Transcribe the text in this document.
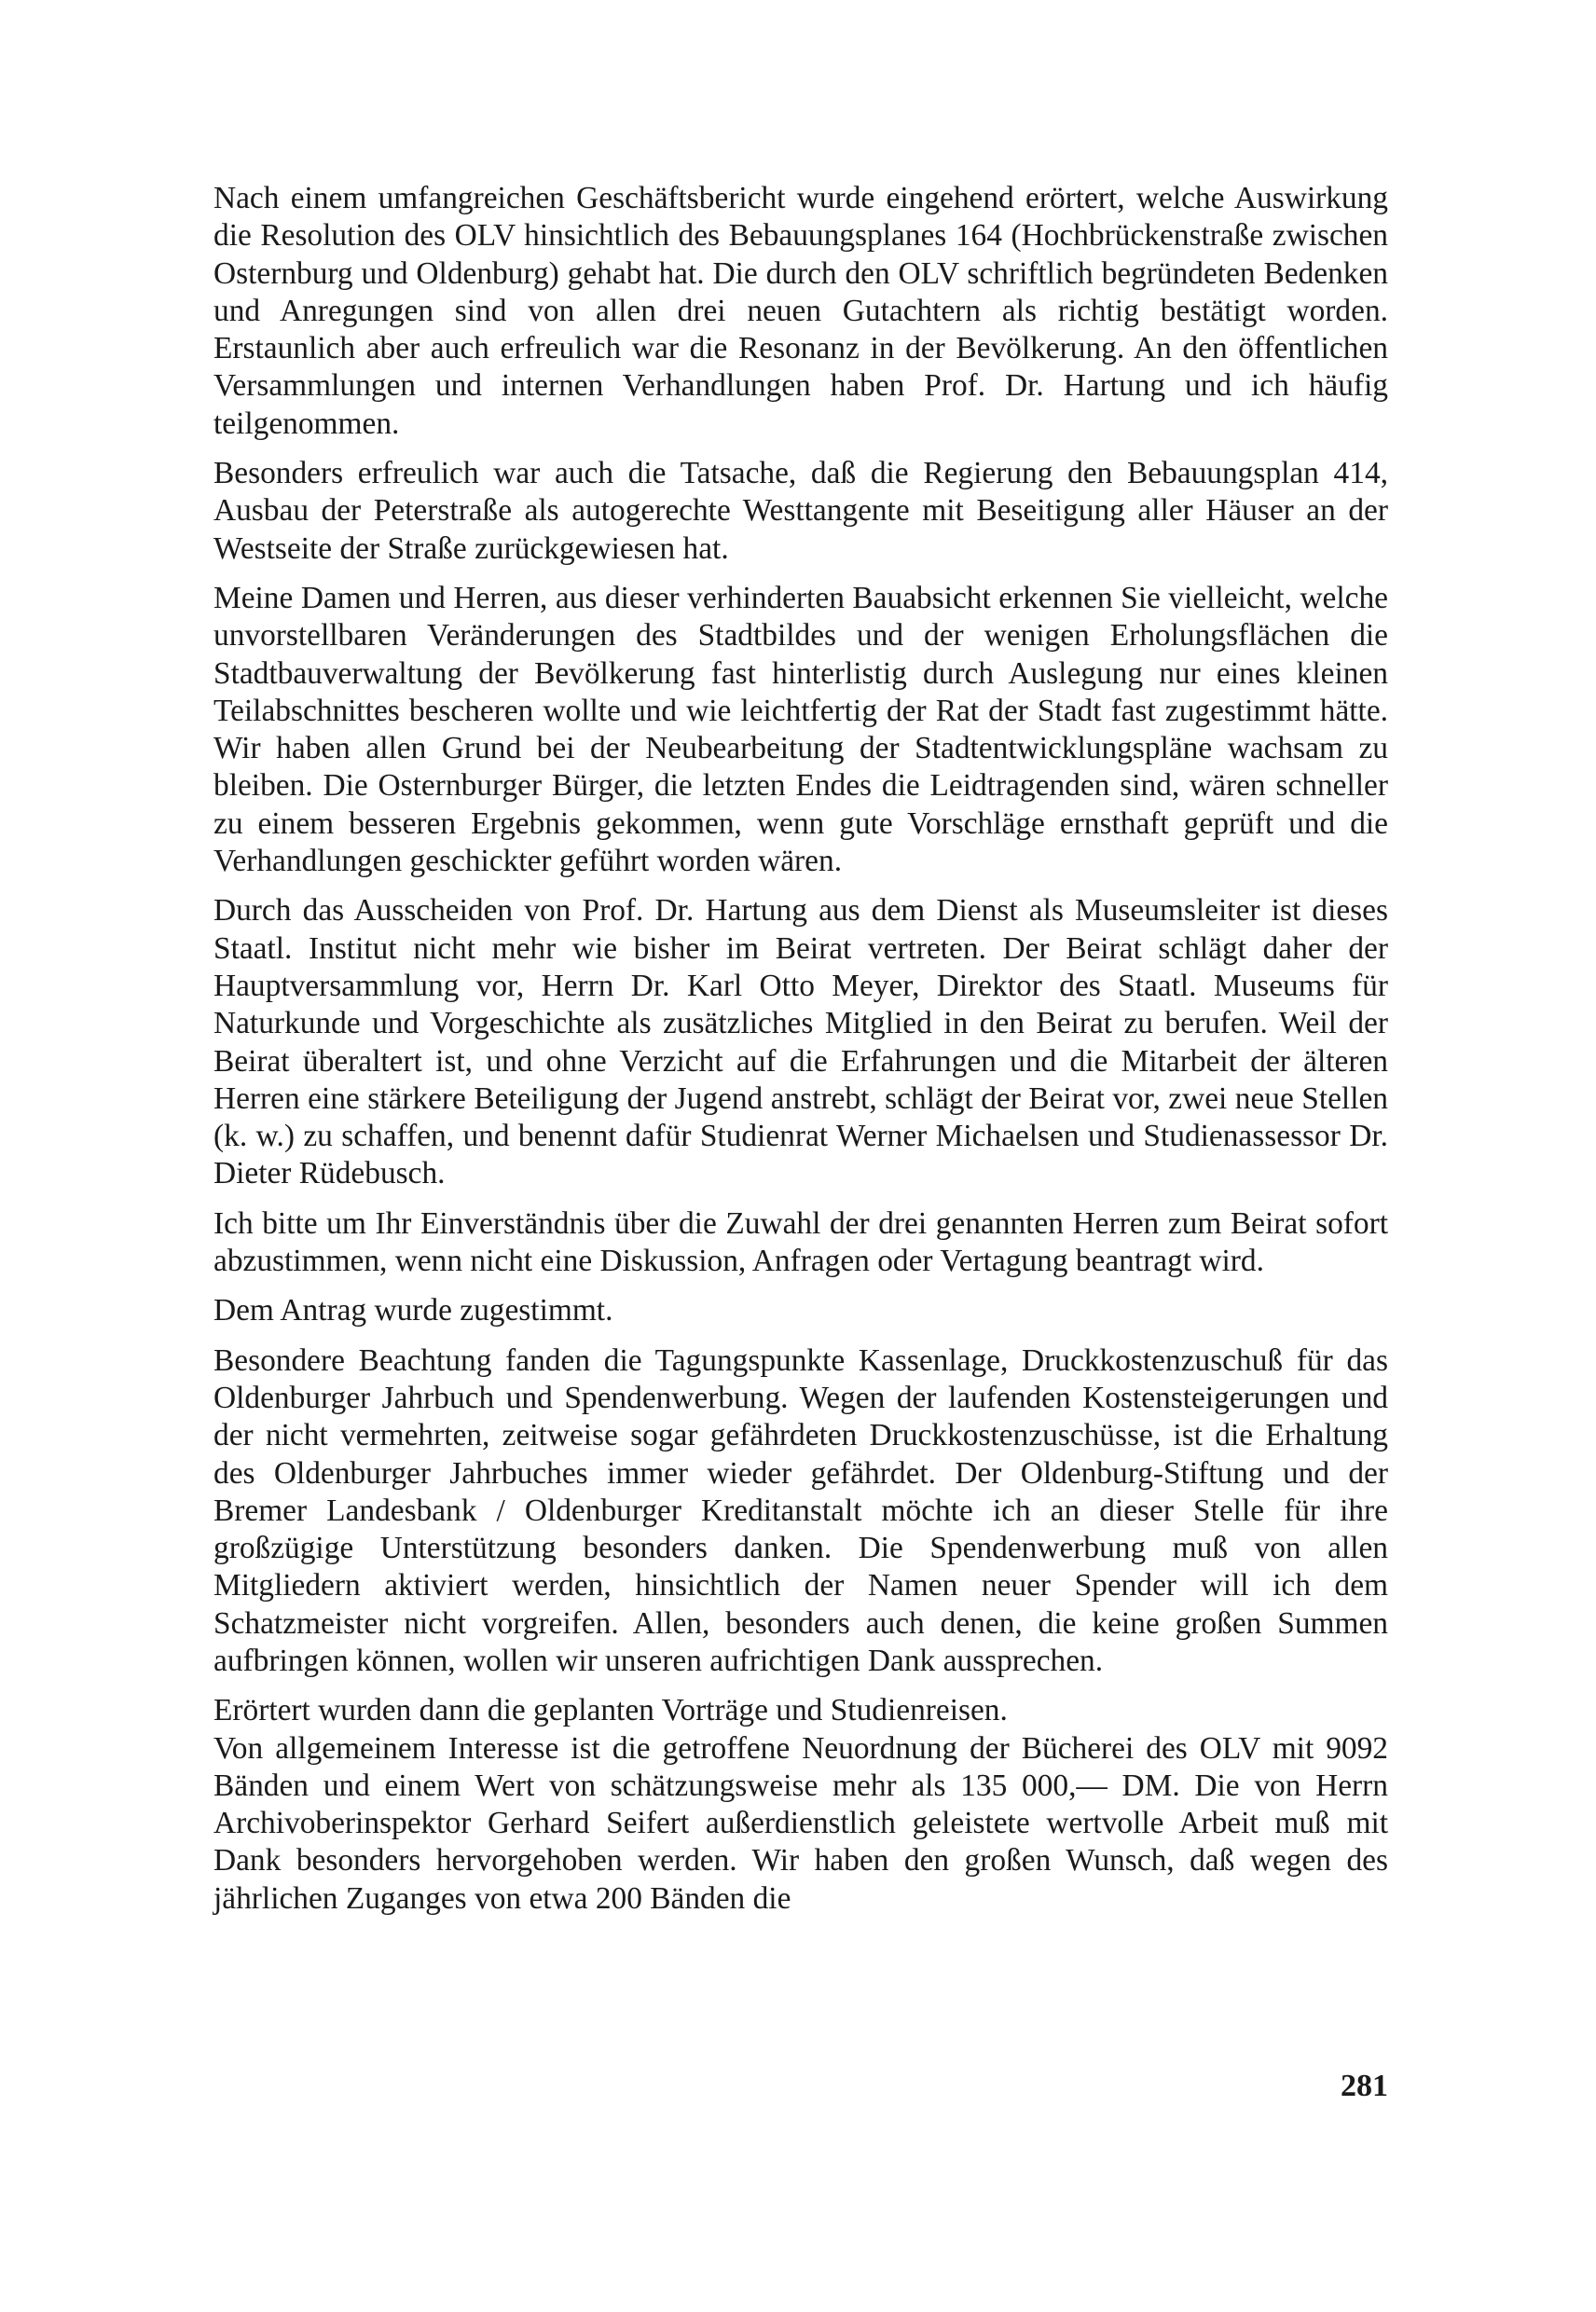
Nach einem umfangreichen Geschäftsbericht wurde eingehend erörtert, welche Auswirkung die Resolution des OLV hinsichtlich des Bebauungsplanes 164 (Hochbrückenstraße zwischen Osternburg und Oldenburg) gehabt hat. Die durch den OLV schriftlich begründeten Bedenken und Anregungen sind von allen drei neuen Gutachtern als richtig bestätigt worden. Erstaunlich aber auch erfreulich war die Resonanz in der Bevölkerung. An den öffentlichen Versammlungen und internen Verhandlungen haben Prof. Dr. Hartung und ich häufig teilgenommen.

Besonders erfreulich war auch die Tatsache, daß die Regierung den Bebauungsplan 414, Ausbau der Peterstraße als autogerechte Westtangente mit Beseitigung aller Häuser an der Westseite der Straße zurückgewiesen hat.

Meine Damen und Herren, aus dieser verhinderten Bauabsicht erkennen Sie vielleicht, welche unvorstellbaren Veränderungen des Stadtbildes und der wenigen Erholungsflächen die Stadtbauverwaltung der Bevölkerung fast hinterlistig durch Auslegung nur eines kleinen Teilabschnittes bescheren wollte und wie leichtfertig der Rat der Stadt fast zugestimmt hätte. Wir haben allen Grund bei der Neubearbeitung der Stadtentwicklungspläne wachsam zu bleiben. Die Osternburger Bürger, die letzten Endes die Leidtragenden sind, wären schneller zu einem besseren Ergebnis gekommen, wenn gute Vorschläge ernsthaft geprüft und die Verhandlungen geschickter geführt worden wären.

Durch das Ausscheiden von Prof. Dr. Hartung aus dem Dienst als Museumsleiter ist dieses Staatl. Institut nicht mehr wie bisher im Beirat vertreten. Der Beirat schlägt daher der Hauptversammlung vor, Herrn Dr. Karl Otto Meyer, Direktor des Staatl. Museums für Naturkunde und Vorgeschichte als zusätzliches Mitglied in den Beirat zu berufen. Weil der Beirat überaltert ist, und ohne Verzicht auf die Erfahrungen und die Mitarbeit der älteren Herren eine stärkere Beteiligung der Jugend anstrebt, schlägt der Beirat vor, zwei neue Stellen (k. w.) zu schaffen, und benennt dafür Studienrat Werner Michaelsen und Studienassessor Dr. Dieter Rüdebusch.

Ich bitte um Ihr Einverständnis über die Zuwahl der drei genannten Herren zum Beirat sofort abzustimmen, wenn nicht eine Diskussion, Anfragen oder Vertagung beantragt wird.

Dem Antrag wurde zugestimmt.

Besondere Beachtung fanden die Tagungspunkte Kassenlage, Druckkostenzuschuß für das Oldenburger Jahrbuch und Spendenwerbung. Wegen der laufenden Kostensteigerungen und der nicht vermehrten, zeitweise sogar gefährdeten Druckkostenzuschüsse, ist die Erhaltung des Oldenburger Jahrbuches immer wieder gefährdet. Der Oldenburg-Stiftung und der Bremer Landesbank / Oldenburger Kreditanstalt möchte ich an dieser Stelle für ihre großzügige Unterstützung besonders danken. Die Spendenwerbung muß von allen Mitgliedern aktiviert werden, hinsichtlich der Namen neuer Spender will ich dem Schatzmeister nicht vorgreifen. Allen, besonders auch denen, die keine großen Summen aufbringen können, wollen wir unseren aufrichtigen Dank aussprechen.

Erörtert wurden dann die geplanten Vorträge und Studienreisen.

Von allgemeinem Interesse ist die getroffene Neuordnung der Bücherei des OLV mit 9092 Bänden und einem Wert von schätzungsweise mehr als 135 000,— DM. Die von Herrn Archivoberinspektor Gerhard Seifert außerdienstlich geleistete wertvolle Arbeit muß mit Dank besonders hervorgehoben werden. Wir haben den großen Wunsch, daß wegen des jährlichen Zuganges von etwa 200 Bänden die

281
